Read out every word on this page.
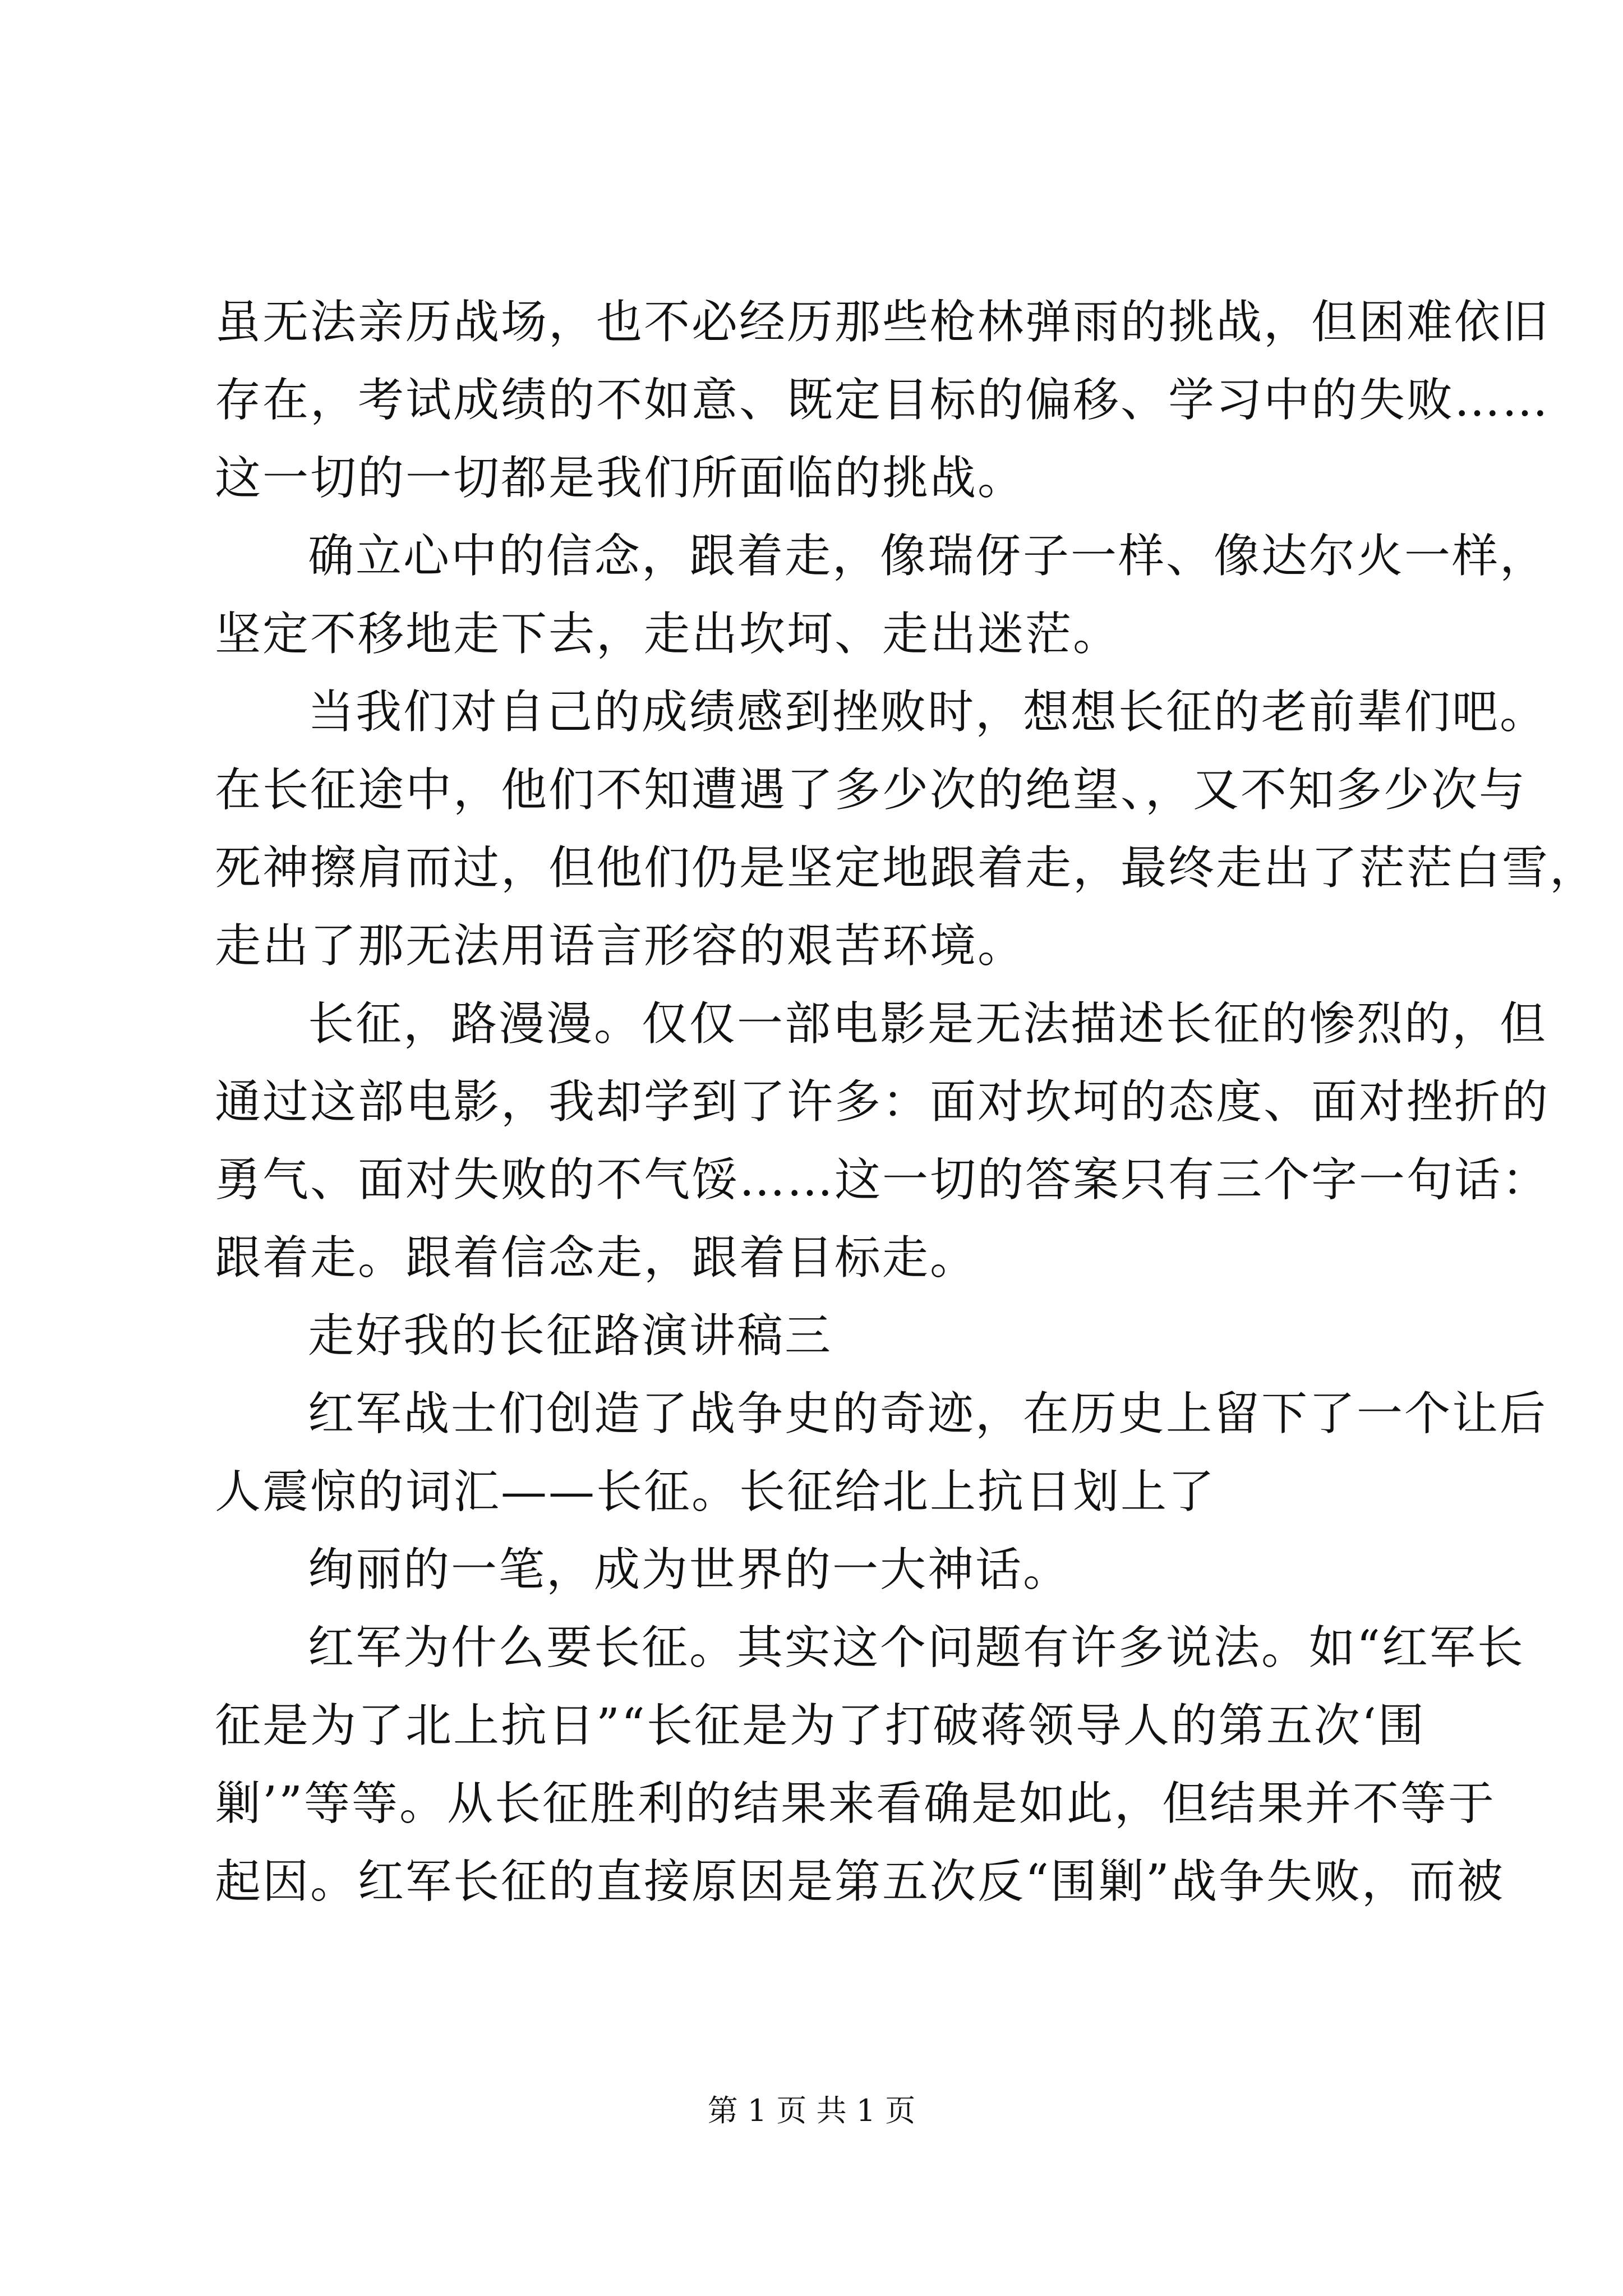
虽无法亲历战场，也不必经历那些枪林弹雨的挑战，但困难依旧
存在，考试成绩的不如意、既定目标的偏移、学习中的失败……
这一切的一切都是我们所面临的挑战。
确立心中的信念，跟着走，像瑞伢子一样、像达尔火一样，
坚定不移地走下去，走出坎坷、走出迷茫。
当我们对自己的成绩感到挫败时，想想长征的老前辈们吧。
在长征途中，他们不知遭遇了多少次的绝望、，又不知多少次与
死神擦肩而过，但他们仍是坚定地跟着走，最终走出了茫茫白雪，
走出了那无法用语言形容的艰苦环境。
长征，路漫漫。仅仅一部电影是无法描述长征的惨烈的，但
通过这部电影，我却学到了许多：面对坎坷的态度、面对挫折的
勇气、面对失败的不气馁……这一切的答案只有三个字一句话：
跟着走。跟着信念走，跟着目标走。
走好我的长征路演讲稿三
红军战士们创造了战争史的奇迹，在历史上留下了一个让后
人震惊的词汇——长征。长征给北上抗日划上了
绚丽的一笔，成为世界的一大神话。
红军为什么要长征。其实这个问题有许多说法。如“红军长
征是为了北上抗日”“长征是为了打破蒋领导人的第五次‘围
剿’”等等。从长征胜利的结果来看确是如此，但结果并不等于
起因。红军长征的直接原因是第五次反“围剿”战争失败，而被
第 1 页 共 1 页
